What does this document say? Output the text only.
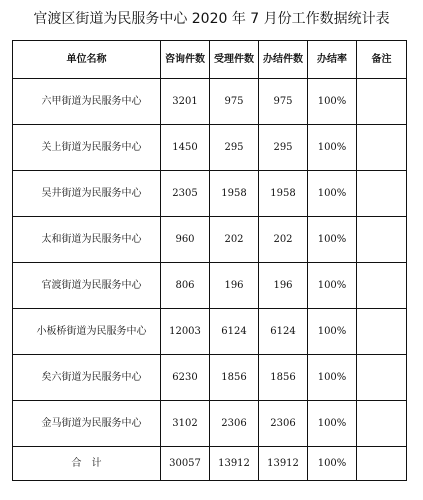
官渡区街道为民服务中心 2020 年 7 月份工作数据统计表
单位名称	咨询件数	受理件数	办结件数	办结率	备注
六甲街道为民服务中心	3201	975	975	100%	
关上街道为民服务中心	1450	295	295	100%	
吴井街道为民服务中心	2305	1958	1958	100%	
太和街道为民服务中心	960	202	202	100%	
官渡街道为民服务中心	806	196	196	100%	
小板桥街道为民服务中心	12003	6124	6124	100%	
矣六街道为民服务中心	6230	1856	1856	100%	
金马街道为民服务中心	3102	2306	2306	100%	
合　计	30057	13912	13912	100%	
